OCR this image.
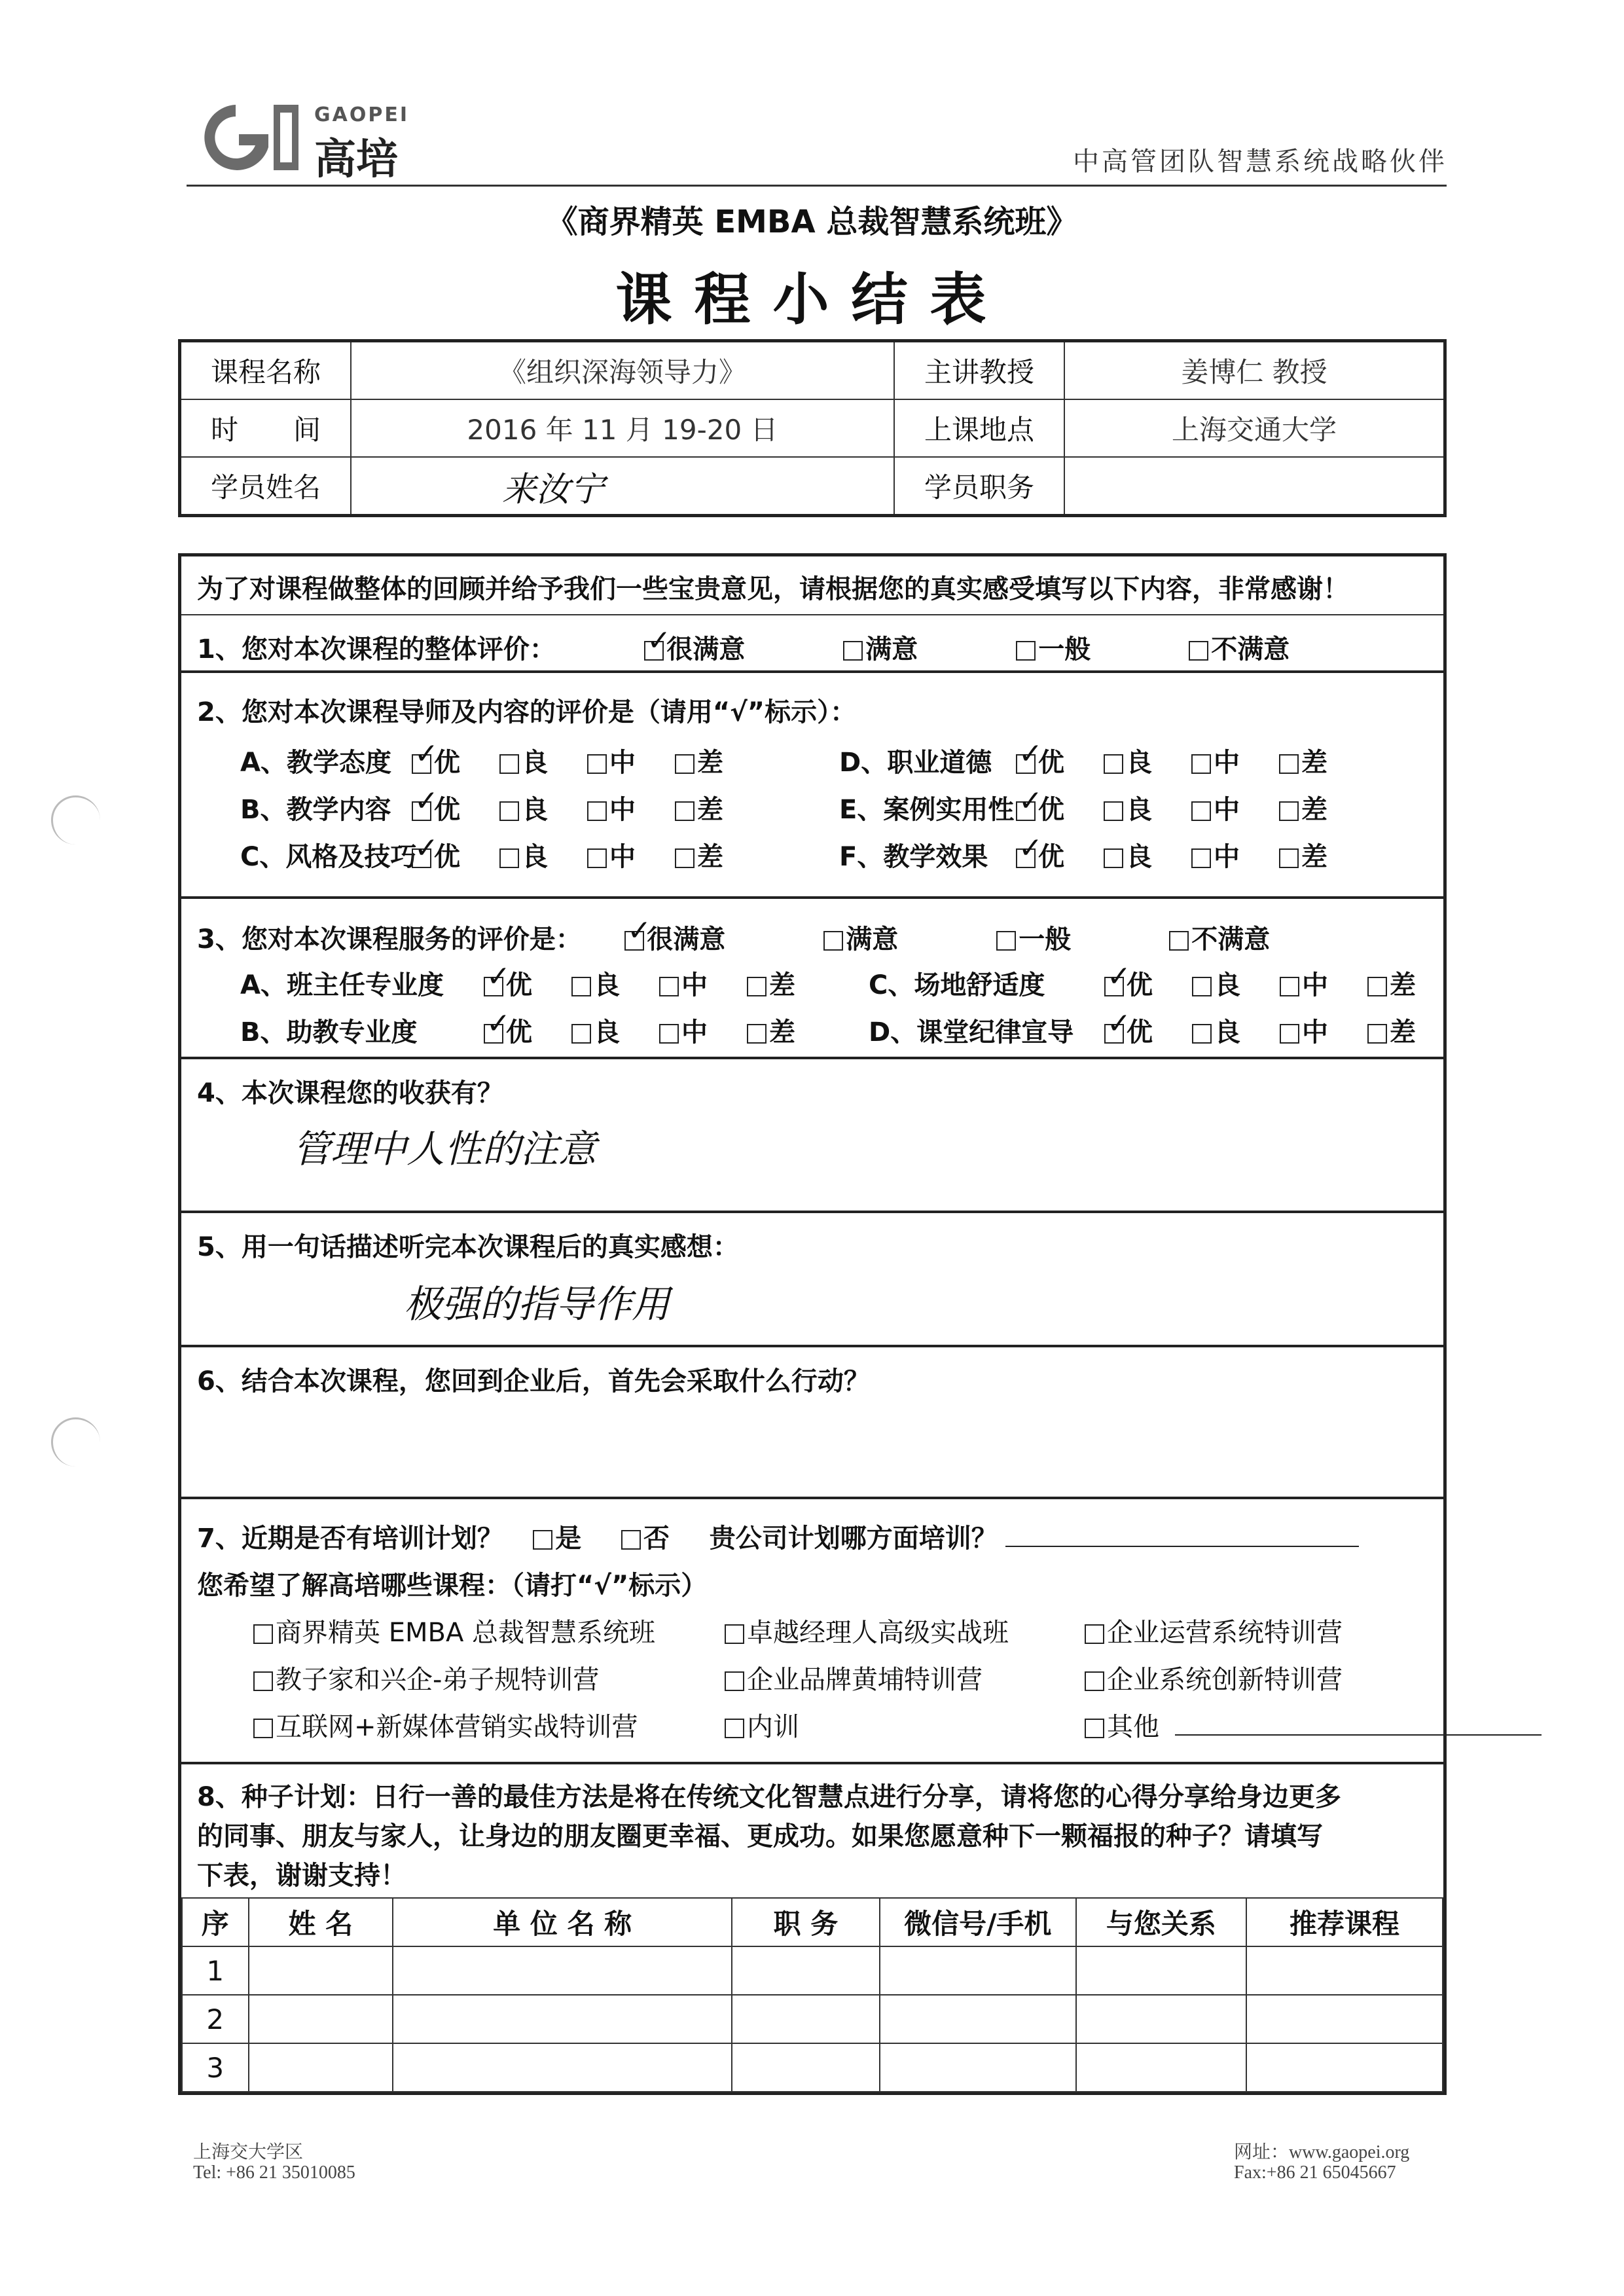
GAOPEI
高培	中高管团队智慧系统战略伙伴
《商界精英 EMBA 总裁智慧系统班》
课程小结表
课程名称	《组织深海领导力》	主讲教授	姜博仁 教授
时　　间	2016 年 11 月 19-20 日	上课地点	上海交通大学
学员姓名	来汝宁	学员职务	
为了对课程做整体的回顾并给予我们一些宝贵意见，请根据您的真实感受填写以下内容，非常感谢！
1、您对本次课程的整体评价： ✓	很满意	满意	一般	不满意
2、您对本次课程导师及内容的评价是（请用“√”标示）：
A、教学态度 ✓ 优 良 中 差
B、教学内容 ✓ 优 良 中 差
C、风格及技巧 ✓ 优 良 中 差
D、职业道德 ✓ 优 良 中 差
E、案例实用性 ✓ 优 良 中 差
F、教学效果 ✓ 优 良 中 差
3、您对本次课程服务的评价是： ✓ 很满意	满意	一般	不满意
A、班主任专业度 ✓ 优 良 中 差
B、助教专业度 ✓	优 良 中 差
C、场地舒适度 ✓	优 良 中 差
D、课堂纪律宣导 ✓ 优 良 中 差
4、本次课程您的收获有？
管理中人性的注意
5、用一句话描述听完本次课程后的真实感想：
极强的指导作用
6、结合本次课程，您回到企业后，首先会采取什么行动？
7、近期是否有培训计划？ 是 否 贵公司计划哪方面培训？
您希望了解高培哪些课程：（请打“√”标示）
商界精英 EMBA 总裁智慧系统班	卓越经理人高级实战班	企业运营系统特训营
教子家和兴企-弟子规特训营	企业品牌黄埔特训营	企业系统创新特训营
互联网+新媒体营销实战特训营	内训	其他
8、种子计划：日行一善的最佳方法是将在传统文化智慧点进行分享，请将您的心得分享给身边更多
的同事、朋友与家人，让身边的朋友圈更幸福、更成功。如果您愿意种下一颗福报的种子？请填写
下表，谢谢支持！
序	姓 名	单 位 名 称	职 务	微信号/手机	与您关系	推荐课程
1						
2						
3						
上海交大学区
Tel: +86 21 35010085
网址：www.gaopei.org
Fax:+86 21 65045667
